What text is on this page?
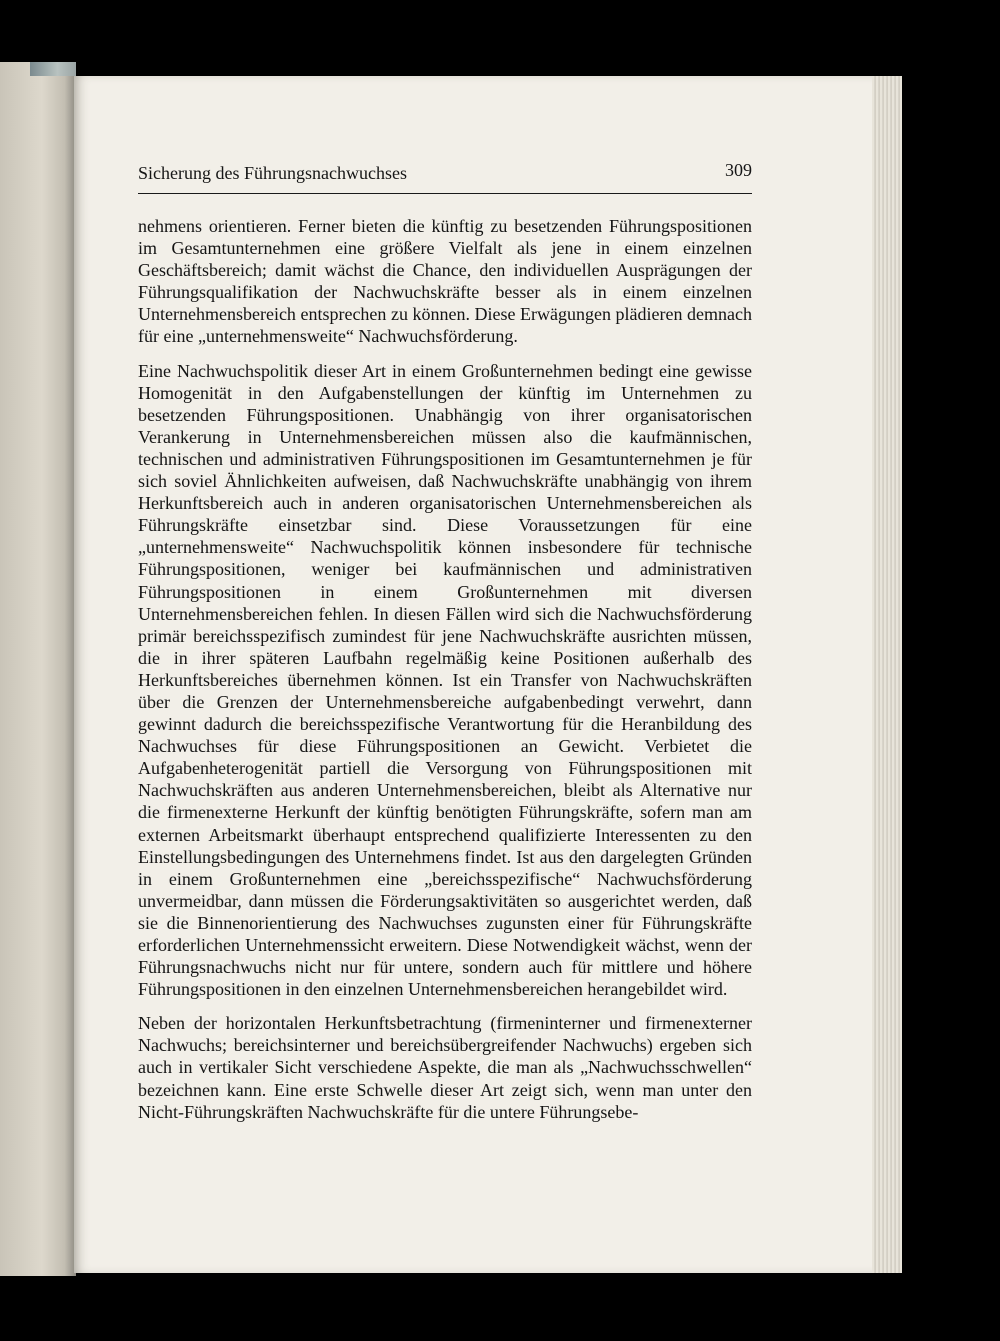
Sicherung des Führungsnachwuchses	309

nehmens orientieren. Ferner bieten die künftig zu besetzenden Führungspositionen im Gesamtunternehmen eine größere Vielfalt als jene in einem einzelnen Geschäftsbereich; damit wächst die Chance, den individuellen Ausprägungen der Führungsqualifikation der Nachwuchskräfte besser als in einem einzelnen Unternehmensbereich entsprechen zu können. Diese Erwägungen plädieren demnach für eine „unternehmensweite“ Nachwuchsförderung.

Eine Nachwuchspolitik dieser Art in einem Großunternehmen bedingt eine gewisse Homogenität in den Aufgabenstellungen der künftig im Unternehmen zu besetzenden Führungspositionen. Unabhängig von ihrer organisatorischen Verankerung in Unternehmensbereichen müssen also die kaufmännischen, technischen und administrativen Führungspositionen im Gesamtunternehmen je für sich soviel Ähnlichkeiten aufweisen, daß Nachwuchskräfte unabhängig von ihrem Herkunftsbereich auch in anderen organisatorischen Unternehmensbereichen als Führungskräfte einsetzbar sind. Diese Voraussetzungen für eine „unternehmensweite“ Nachwuchspolitik können insbesondere für technische Führungspositionen, weniger bei kaufmännischen und administrativen Führungspositionen in einem Großunternehmen mit diversen Unternehmensbereichen fehlen. In diesen Fällen wird sich die Nachwuchsförderung primär bereichsspezifisch zumindest für jene Nachwuchskräfte ausrichten müssen, die in ihrer späteren Laufbahn regelmäßig keine Positionen außerhalb des Herkunftsbereiches übernehmen können. Ist ein Transfer von Nachwuchskräften über die Grenzen der Unternehmensbereiche aufgabenbedingt verwehrt, dann gewinnt dadurch die bereichsspezifische Verantwortung für die Heranbildung des Nachwuchses für diese Führungspositionen an Gewicht. Verbietet die Aufgabenheterogenität partiell die Versorgung von Führungspositionen mit Nachwuchskräften aus anderen Unternehmensbereichen, bleibt als Alternative nur die firmenexterne Herkunft der künftig benötigten Führungskräfte, sofern man am externen Arbeitsmarkt überhaupt entsprechend qualifizierte Interessenten zu den Einstellungsbedingungen des Unternehmens findet. Ist aus den dargelegten Gründen in einem Großunternehmen eine „bereichsspezifische“ Nachwuchsförderung unvermeidbar, dann müssen die Förderungsaktivitäten so ausgerichtet werden, daß sie die Binnenorientierung des Nachwuchses zugunsten einer für Führungskräfte erforderlichen Unternehmenssicht erweitern. Diese Notwendigkeit wächst, wenn der Führungsnachwuchs nicht nur für untere, sondern auch für mittlere und höhere Führungspositionen in den einzelnen Unternehmensbereichen herangebildet wird.

Neben der horizontalen Herkunftsbetrachtung (firmeninterner und firmenexterner Nachwuchs; bereichsinterner und bereichsübergreifender Nachwuchs) ergeben sich auch in vertikaler Sicht verschiedene Aspekte, die man als „Nachwuchsschwellen“ bezeichnen kann. Eine erste Schwelle dieser Art zeigt sich, wenn man unter den Nicht-Führungskräften Nachwuchskräfte für die untere Führungsebe-
